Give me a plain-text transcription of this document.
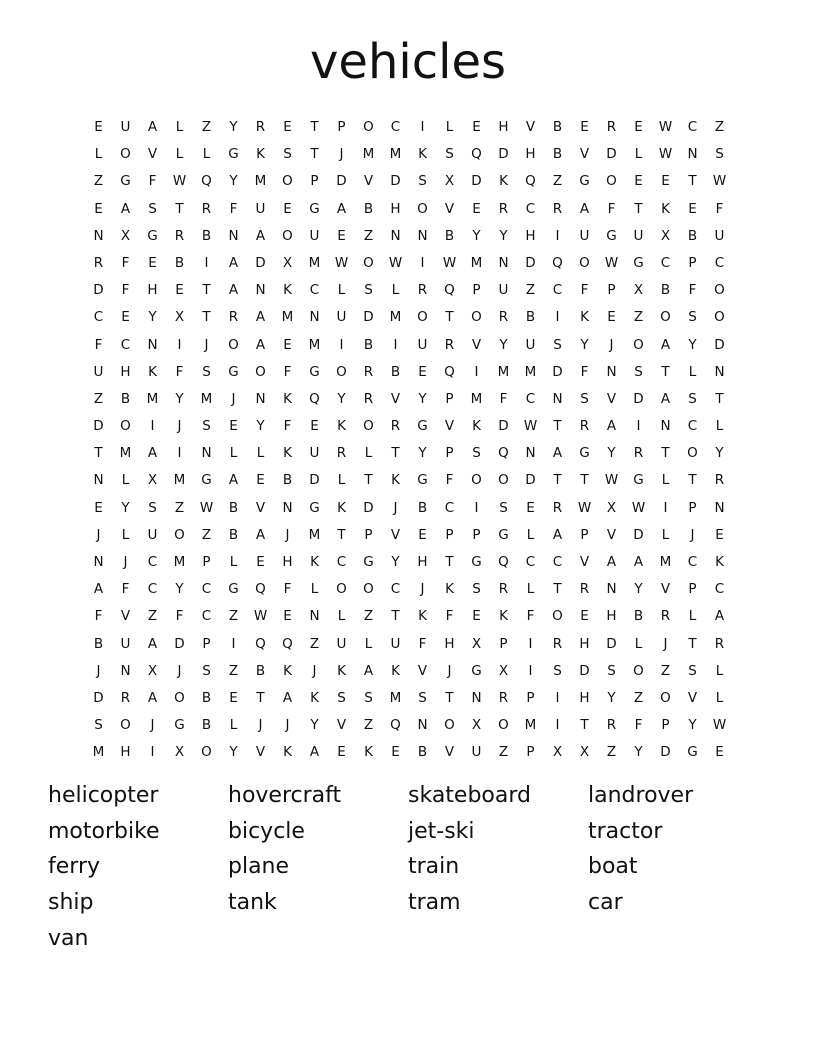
vehicles
E	U	A	L	Z	Y	R	E	T	P	O	C	I	L	E	H	V	B	E	R	E	W	C	Z
L	O	V	L	L	G	K	S	T	J	M	M	K	S	Q	D	H	B	V	D	L	W	N	S
Z	G	F	W	Q	Y	M	O	P	D	V	D	S	X	D	K	Q	Z	G	O	E	E	T	W
E	A	S	T	R	F	U	E	G	A	B	H	O	V	E	R	C	R	A	F	T	K	E	F
N	X	G	R	B	N	A	O	U	E	Z	N	N	B	Y	Y	H	I	U	G	U	X	B	U
R	F	E	B	I	A	D	X	M	W	O	W	I	W	M	N	D	Q	O	W	G	C	P	C
D	F	H	E	T	A	N	K	C	L	S	L	R	Q	P	U	Z	C	F	P	X	B	F	O
C	E	Y	X	T	R	A	M	N	U	D	M	O	T	O	R	B	I	K	E	Z	O	S	O
F	C	N	I	J	O	A	E	M	I	B	I	U	R	V	Y	U	S	Y	J	O	A	Y	D
U	H	K	F	S	G	O	F	G	O	R	B	E	Q	I	M	M	D	F	N	S	T	L	N
Z	B	M	Y	M	J	N	K	Q	Y	R	V	Y	P	M	F	C	N	S	V	D	A	S	T
D	O	I	J	S	E	Y	F	E	K	O	R	G	V	K	D	W	T	R	A	I	N	C	L
T	M	A	I	N	L	L	K	U	R	L	T	Y	P	S	Q	N	A	G	Y	R	T	O	Y
N	L	X	M	G	A	E	B	D	L	T	K	G	F	O	O	D	T	T	W	G	L	T	R
E	Y	S	Z	W	B	V	N	G	K	D	J	B	C	I	S	E	R	W	X	W	I	P	N
J	L	U	O	Z	B	A	J	M	T	P	V	E	P	P	G	L	A	P	V	D	L	J	E
N	J	C	M	P	L	E	H	K	C	G	Y	H	T	G	Q	C	C	V	A	A	M	C	K
A	F	C	Y	C	G	Q	F	L	O	O	C	J	K	S	R	L	T	R	N	Y	V	P	C
F	V	Z	F	C	Z	W	E	N	L	Z	T	K	F	E	K	F	O	E	H	B	R	L	A
B	U	A	D	P	I	Q	Q	Z	U	L	U	F	H	X	P	I	R	H	D	L	J	T	R
J	N	X	J	S	Z	B	K	J	K	A	K	V	J	G	X	I	S	D	S	O	Z	S	L
D	R	A	O	B	E	T	A	K	S	S	M	S	T	N	R	P	I	H	Y	Z	O	V	L
S	O	J	G	B	L	J	J	Y	V	Z	Q	N	O	X	O	M	I	T	R	F	P	Y	W
M	H	I	X	O	Y	V	K	A	E	K	E	B	V	U	Z	P	X	X	Z	Y	D	G	E
helicopter	hovercraft	skateboard	landrover
motorbike	bicycle	jet-ski	tractor
ferry	plane	train	boat
ship	tank	tram	car
van
